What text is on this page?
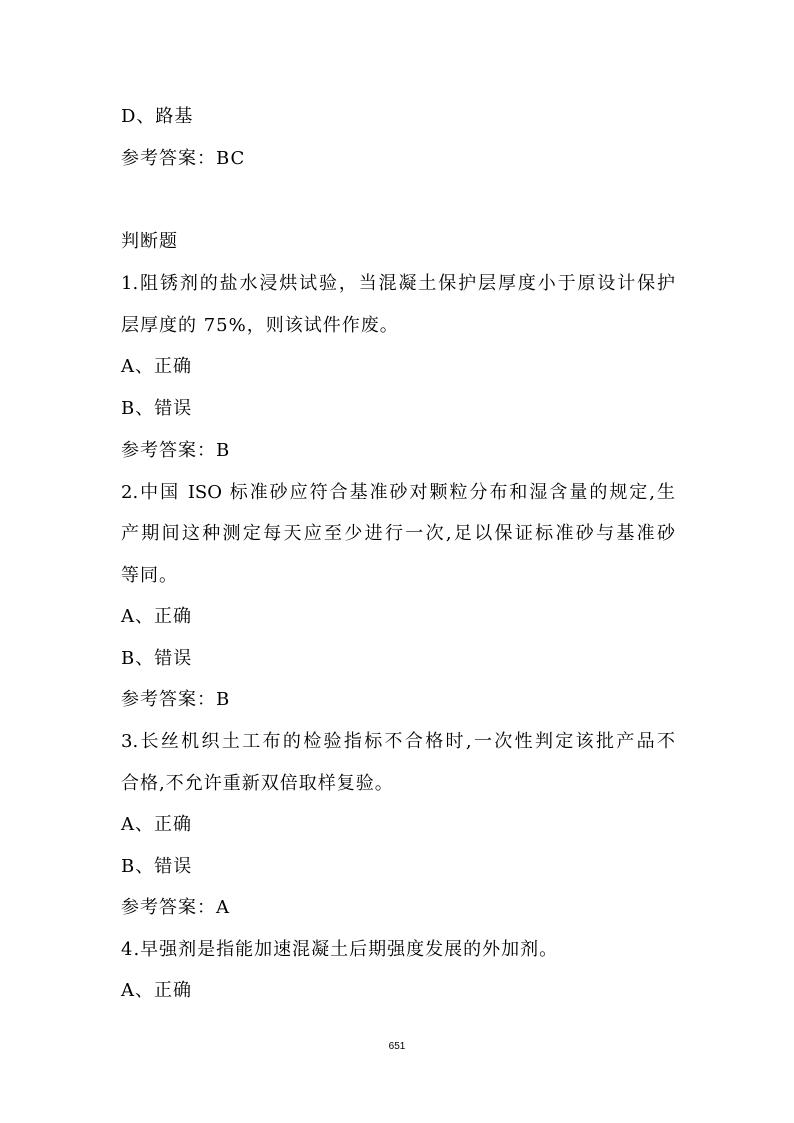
D、路基
参考答案：BC
判断题
1.阻锈剂的盐水浸烘试验，当混凝土保护层厚度小于原设计保护
层厚度的 75%，则该试件作废。
A、正确
B、错误
参考答案：B
2.中国 ISO 标准砂应符合基准砂对颗粒分布和湿含量的规定,生
产期间这种测定每天应至少进行一次,足以保证标准砂与基准砂
等同。
A、正确
B、错误
参考答案：B
3.长丝机织土工布的检验指标不合格时,一次性判定该批产品不
合格,不允许重新双倍取样复验。
A、正确
B、错误
参考答案：A
4.早强剂是指能加速混凝土后期强度发展的外加剂。
A、正确
651
